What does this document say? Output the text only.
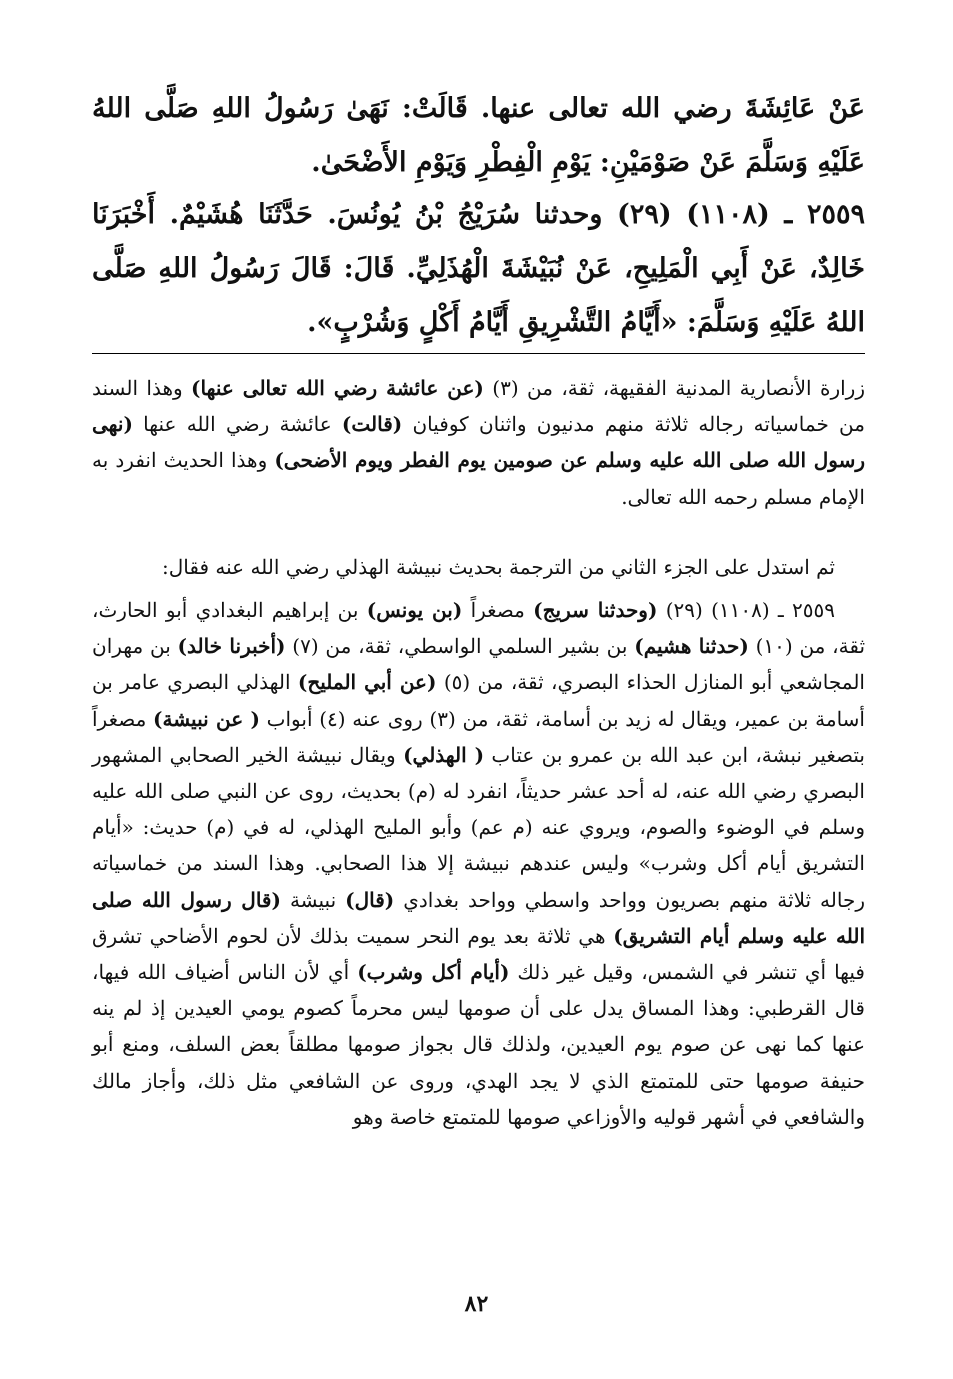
عَنْ عَائِشَةَ رضي الله تعالى عنها. قَالَتْ: نَهَىٰ رَسُولُ اللهِ صَلَّى اللهُ عَلَيْهِ وَسَلَّمَ عَنْ صَوْمَيْنِ: يَوْمِ الْفِطْرِ وَيَوْمِ الأَضْحَىٰ.

٢٥٥٩ ـ (١١٠٨) (٢٩) وحدثنا سُرَيْجُ بْنُ يُونُسَ. حَدَّثَنَا هُشَيْمٌ. أَخْبَرَنَا خَالِدٌ، عَنْ أَبِي الْمَلِيحِ، عَنْ نُبَيْشَةَ الْهُذَلِيِّ. قَالَ: قَالَ رَسُولُ اللهِ صَلَّى اللهُ عَلَيْهِ وَسَلَّمَ: «أَيَّامُ التَّشْرِيقِ أَيَّامُ أَكْلٍ وَشُرْبٍ».

زرارة الأنصارية المدنية الفقيهة، ثقة، من (٣) (عن عائشة رضي الله تعالى عنها) وهذا السند من خماسياته رجاله ثلاثة منهم مدنيون واثنان كوفيان (قالت) عائشة رضي الله عنها (نهى رسول الله صلى الله عليه وسلم عن صومين يوم الفطر ويوم الأضحى) وهذا الحديث انفرد به الإمام مسلم رحمه الله تعالى.

ثم استدل على الجزء الثاني من الترجمة بحديث نبيشة الهذلي رضي الله عنه فقال:

٢٥٥٩ ـ (١١٠٨) (٢٩) (وحدثنا سريج) مصغراً (بن يونس) بن إبراهيم البغدادي أبو الحارث، ثقة، من (١٠) (حدثنا هشيم) بن بشير السلمي الواسطي، ثقة، من (٧) (أخبرنا خالد) بن مهران المجاشعي أبو المنازل الحذاء البصري، ثقة، من (٥) (عن أبي المليح) الهذلي البصري عامر بن أسامة بن عمير، ويقال له زيد بن أسامة، ثقة، من (٣) روى عنه (٤) أبواب ( عن نبيشة) مصغراً بتصغير نبشة، ابن عبد الله بن عمرو بن عتاب ( الهذلي) ويقال نبيشة الخير الصحابي المشهور البصري رضي الله عنه، له أحد عشر حديثاً، انفرد له (م) بحديث، روى عن النبي صلى الله عليه وسلم في الوضوء والصوم، ويروي عنه (م عم) وأبو المليح الهذلي، له في (م) حديث: «أيام التشريق أيام أكل وشرب» وليس عندهم نبيشة إلا هذا الصحابي. وهذا السند من خماسياته رجاله ثلاثة منهم بصريون وواحد واسطي وواحد بغدادي (قال) نبيشة (قال رسول الله صلى الله عليه وسلم أيام التشريق) هي ثلاثة بعد يوم النحر سميت بذلك لأن لحوم الأضاحي تشرق فيها أي تنشر في الشمس، وقيل غير ذلك (أيام أكل وشرب) أي لأن الناس أضياف الله فيها، قال القرطبي: وهذا المساق يدل على أن صومها ليس محرماً كصوم يومي العيدين إذ لم ينه عنها كما نهى عن صوم يوم العيدين، ولذلك قال بجواز صومها مطلقاً بعض السلف، ومنع أبو حنيفة صومها حتى للمتمتع الذي لا يجد الهدي، وروى عن الشافعي مثل ذلك، وأجاز مالك والشافعي في أشهر قوليه والأوزاعي صومها للمتمتع خاصة وهو

٨٢
